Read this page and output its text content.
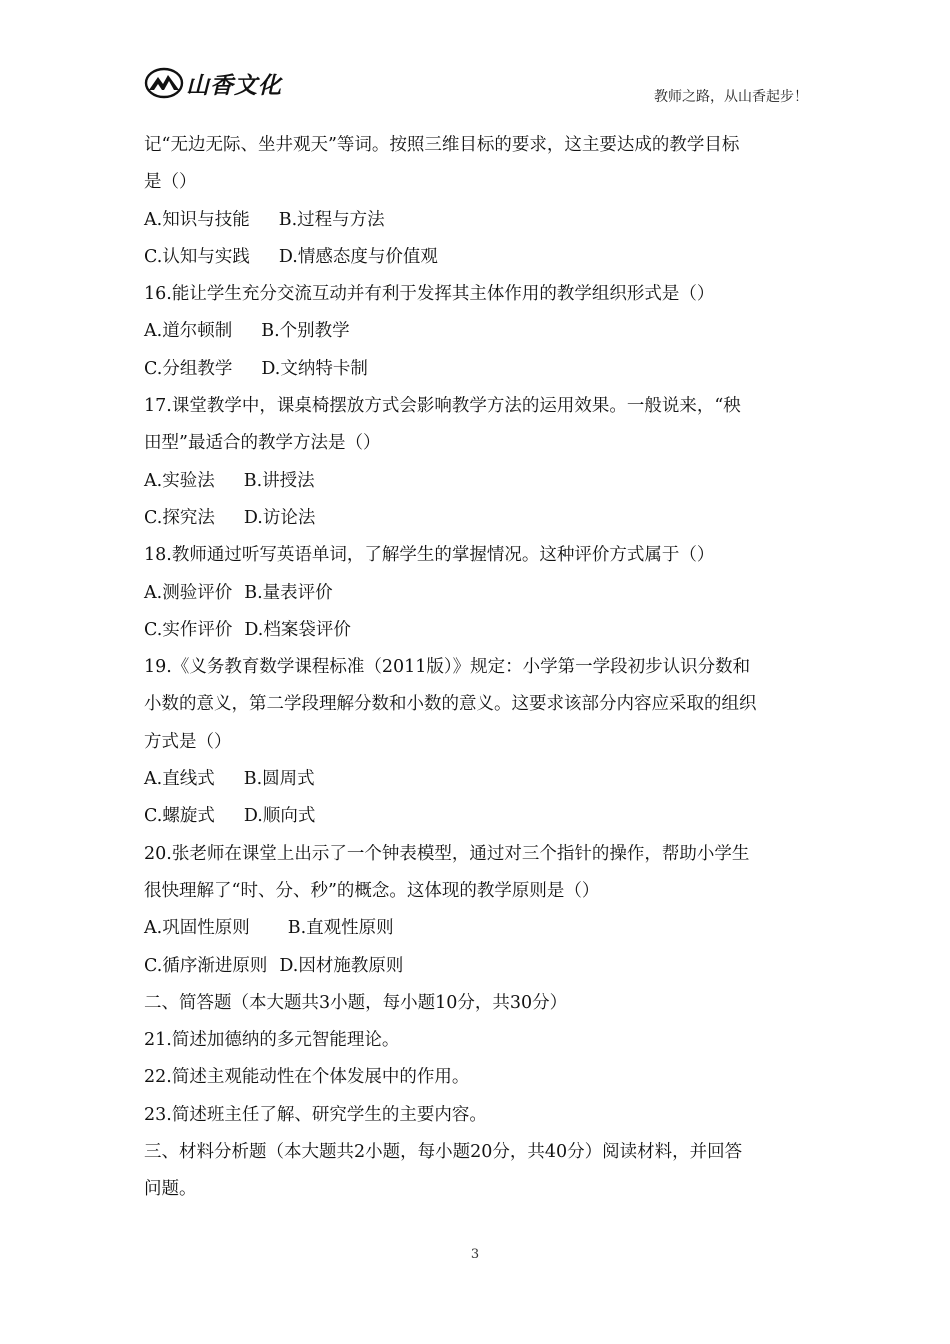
山香文化	教师之路，从山香起步！
记“无边无际、坐井观天”等词。按照三维目标的要求，这主要达成的教学目标
是（）
A.知识与技能 B.过程与方法
C.认知与实践 D.情感态度与价值观
16.能让学生充分交流互动并有利于发挥其主体作用的教学组织形式是（）
A.道尔顿制 B.个别教学
C.分组教学 D.文纳特卡制
17.课堂教学中，课桌椅摆放方式会影响教学方法的运用效果。一般说来，“秧
田型”最适合的教学方法是（）
A.实验法 B.讲授法
C.探究法 D.访论法
18.教师通过听写英语单词，了解学生的掌握情况。这种评价方式属于（）
A.测验评价 B.量表评价
C.实作评价 D.档案袋评价
19.《义务教育数学课程标准（2011版）》规定：小学第一学段初步认识分数和
小数的意义，第二学段理解分数和小数的意义。这要求该部分内容应采取的组织
方式是（）
A.直线式 B.圆周式
C.螺旋式 D.顺向式
20.张老师在课堂上出示了一个钟表模型，通过对三个指针的操作，帮助小学生
很快理解了“时、分、秒”的概念。这体现的教学原则是（）
A.巩固性原则 B.直观性原则
C.循序渐进原则 D.因材施教原则
二、简答题（本大题共3小题，每小题10分，共30分）
21.简述加德纳的多元智能理论。
22.简述主观能动性在个体发展中的作用。
23.简述班主任了解、研究学生的主要内容。
三、材料分析题（本大题共2小题，每小题20分，共40分）阅读材料，并回答
问题。
3
